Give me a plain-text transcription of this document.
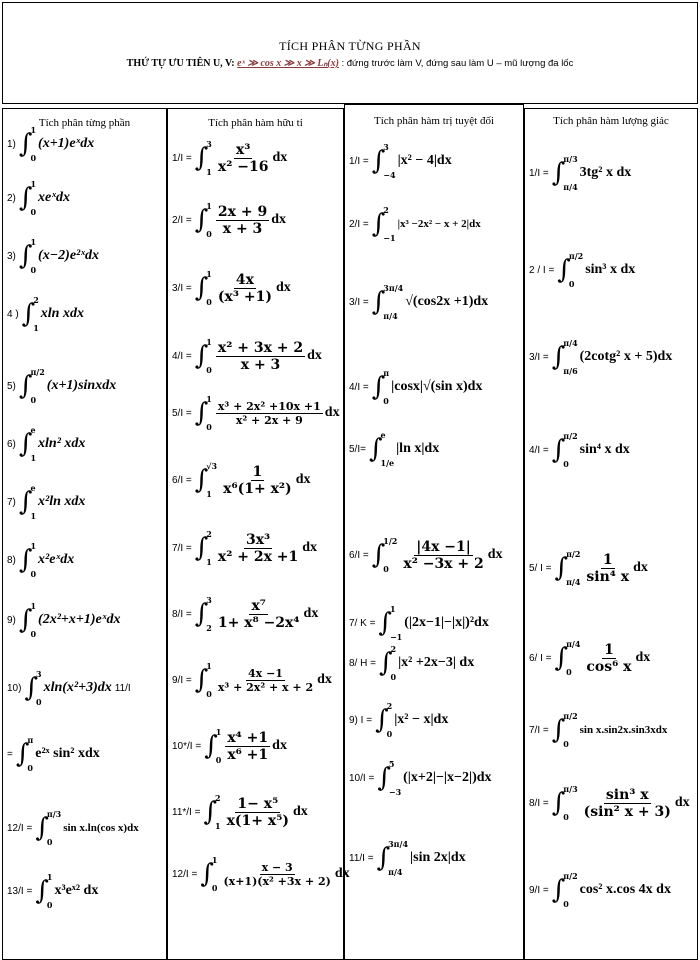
TÍCH PHÂN TỪNG PHẦN
THỨ TỰ ƯU TIÊN U, V: eˣ ≫ cos x ≫ x ≫ Lₙ(x) : đứng trước làm V, đứng sau làm U – mũ lượng đa lốc
Tích phân từng phần
1) ∫
1
0
(x+1)eˣdx
2) ∫
1
0
xeˣdx
3) ∫
1
0
(x−2)e²ˣdx
4 ) ∫
2
1
xln xdx
5) ∫
π/2
0
(x+1)sinxdx
6) ∫
e
1
xln² xdx
7) ∫
e
1
x²ln xdx
8) ∫
1
0
x²eˣdx
9) ∫
1
0
(2x²+x+1)eˣdx
10) ∫
3
0
xln(x²+3)dx 11/I
= ∫
π
0
e²ˣ sin² xdx
12/I = ∫
π/3
0
sin x.ln(cos x)dx
13/I = ∫
1
0
x³eˣ² dx
Tích phân hàm hữu tỉ
1/I = ∫
3
$1 \frac{\text{x³}}{\text{x² −16}}$ dx
2/I = ∫
1
$0 \frac{2x + 9}{x + 3}$ dx
3/I = ∫
1
$0 \frac{4x}{\text{(x³ +1)}}$ dx
4/I = ∫
1
$0 \frac{\text{x² + 3x + 2}}{x + 3}$ dx
5/I = ∫
1
0
$\frac{\text{x³ + 2x² +10x +1}}{\text{x² + 2x + 9}}$ dx
6/I = ∫
√3
$1 \frac{1}{\text{x⁶(1+ x²)}}$ dx
7/I = ∫
2
$1 \frac{\text{3x³}}{\text{x² + 2x +1}}$ dx
8/I = ∫
3
$2 \frac{\text{x⁷}}{\text{1+ x⁸ −2x⁴}}$ dx
9/I = ∫
1
0
$\frac{4x -1}{\text{x³ + 2x² + x + 2}}$ dx
10*/I = ∫
1
$0 \frac{\text{x⁴ +1}}{\text{x⁶ +1}}$ dx
11*/I = ∫
2
$1 \frac{\text{1− x⁵}}{\text{x(1+ x⁵)}}$ dx
12/I = ∫
1
0
$\frac{x - 3}{\text{(x+1)(x² +3x + 2)}}$ dx
Tích phân hàm trị tuyệt đối
1/I = ∫
3
−4
|x² − 4|dx
2/I = ∫
2
−1
|x³ −2x² − x + 2|dx
3/I = ∫
3π/4
π/4
√(cos2x +1)dx
4/I = ∫
π
0
|cosx|√(sin x)dx
5/I= ∫
e
1/e
|ln x|dx
6/I = ∫
1/2
$0 \frac{|4x -1|}{\text{x² −3x + 2}}$ dx
7/ K = ∫
1
−1
(|2x−1|−|x|)²dx
8/ H = ∫
2
0
|x² +2x−3| dx
9) I = ∫
2
0
|x² − x|dx
10/I = ∫
5
−3
(|x+2|−|x−2|)dx
11/I = ∫
3π/4
π/4
|sin 2x|dx
Tích phân hàm lượng giác
1/I = ∫
π/3
π/4
3tg² x dx
2 / I = ∫
π/2
0
sin³ x dx
3/I = ∫
π/4
π/6
(2cotg² x + 5)dx
4/I = ∫
π/2
0
sin⁴ x dx
5/ I = ∫
π/2
$\pi/4 \frac{1}{\text{sin⁴ x}}$ dx
6/ I = ∫
π/4
$0 \frac{1}{\text{cos⁶ x}}$ dx
7/I = ∫
π/2
0
sin x.sin2x.sin3xdx
8/I = ∫
π/3
$0 \frac{\text{sin³ x}}{\text{(sin² x + 3)}}$ dx
9/I = ∫
π/2
0
cos² x.cos 4x dx
